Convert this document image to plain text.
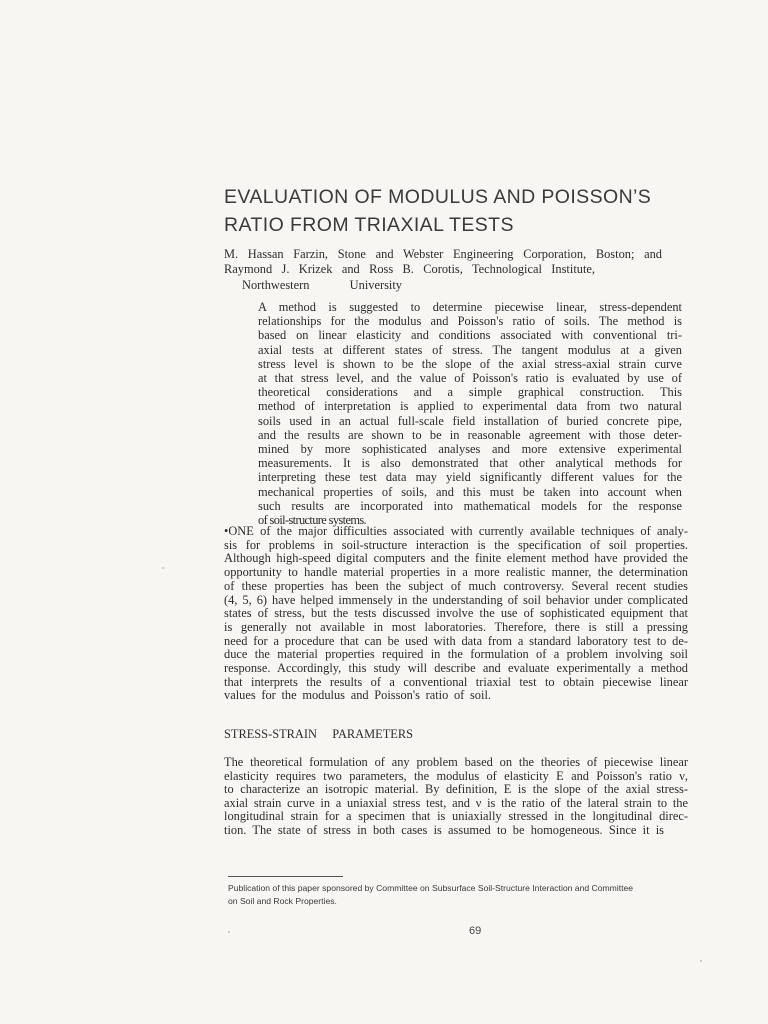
EVALUATION OF MODULUS AND POISSON’S
RATIO FROM TRIAXIAL TESTS
M. Hassan Farzin, Stone and Webster Engineering Corporation, Boston; and
Raymond J. Krizek and Ross B. Corotis, Technological Institute,
Northwestern University
A method is suggested to determine piecewise linear, stress-dependent
relationships for the modulus and Poisson's ratio of soils. The method is
based on linear elasticity and conditions associated with conventional tri-
axial tests at different states of stress. The tangent modulus at a given
stress level is shown to be the slope of the axial stress-axial strain curve
at that stress level, and the value of Poisson's ratio is evaluated by use of
theoretical considerations and a simple graphical construction. This
method of interpretation is applied to experimental data from two natural
soils used in an actual full-scale field installation of buried concrete pipe,
and the results are shown to be in reasonable agreement with those deter-
mined by more sophisticated analyses and more extensive experimental
measurements. It is also demonstrated that other analytical methods for
interpreting these test data may yield significantly different values for the
mechanical properties of soils, and this must be taken into account when
such results are incorporated into mathematical models for the response
of soil-structure systems.
•ONE of the major difficulties associated with currently available techniques of analy-
sis for problems in soil-structure interaction is the specification of soil properties.
Although high-speed digital computers and the finite element method have provided the
opportunity to handle material properties in a more realistic manner, the determination
of these properties has been the subject of much controversy. Several recent studies
(4, 5, 6) have helped immensely in the understanding of soil behavior under complicated
states of stress, but the tests discussed involve the use of sophisticated equipment that
is generally not available in most laboratories. Therefore, there is still a pressing
need for a procedure that can be used with data from a standard laboratory test to de-
duce the material properties required in the formulation of a problem involving soil
response. Accordingly, this study will describe and evaluate experimentally a method
that interprets the results of a conventional triaxial test to obtain piecewise linear
values for the modulus and Poisson's ratio of soil.
STRESS-STRAIN PARAMETERS
The theoretical formulation of any problem based on the theories of piecewise linear
elasticity requires two parameters, the modulus of elasticity E and Poisson's ratio ν,
to characterize an isotropic material. By definition, E is the slope of the axial stress-
axial strain curve in a uniaxial stress test, and ν is the ratio of the lateral strain to the
longitudinal strain for a specimen that is uniaxially stressed in the longitudinal direc-
tion. The state of stress in both cases is assumed to be homogeneous. Since it is
Publication of this paper sponsored by Committee on Subsurface Soil-Structure Interaction and Committee
on Soil and Rock Properties.
69
